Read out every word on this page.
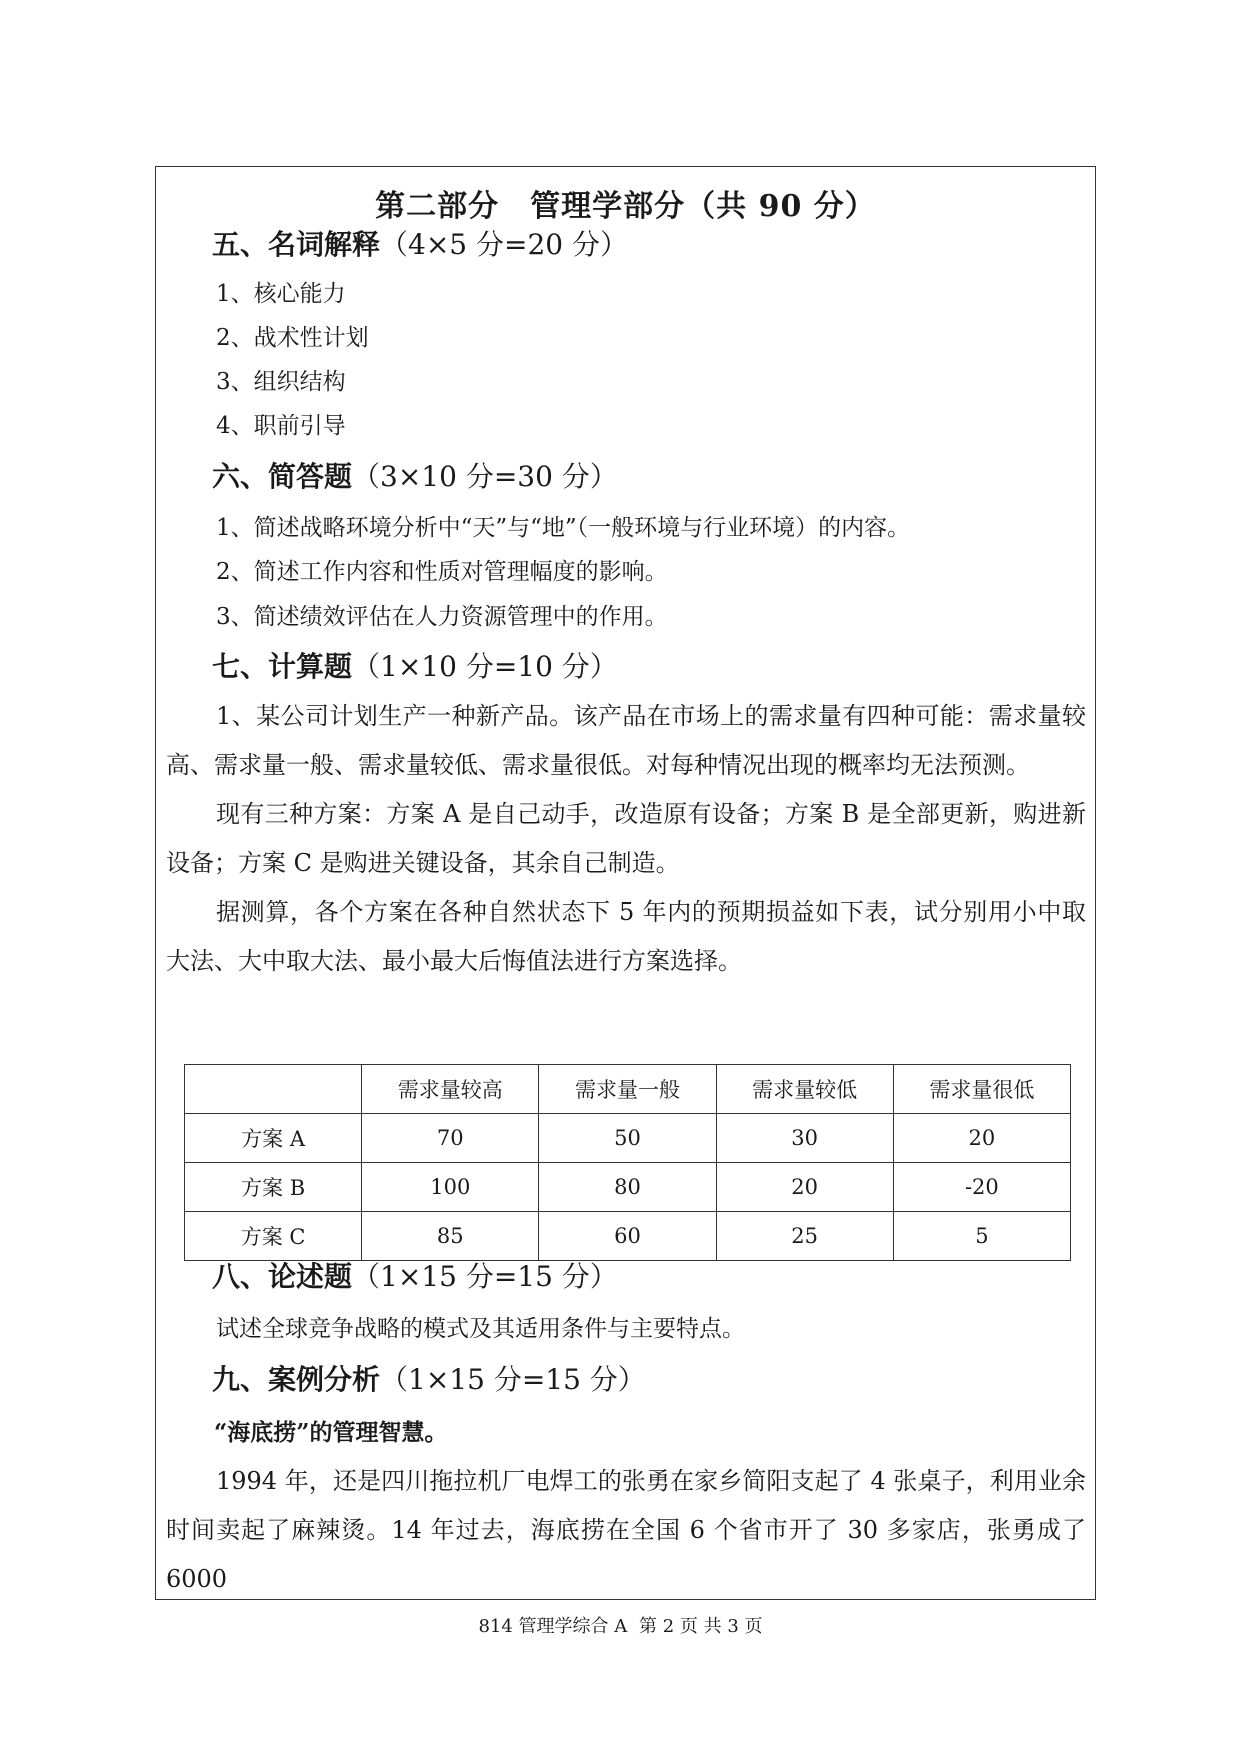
第二部分　管理学部分（共 90 分）
五、名词解释（4×5 分=20 分）
1、核心能力
2、战术性计划
3、组织结构
4、职前引导
六、简答题（3×10 分=30 分）
1、简述战略环境分析中“天”与“地”（一般环境与行业环境）的内容。
2、简述工作内容和性质对管理幅度的影响。
3、简述绩效评估在人力资源管理中的作用。
七、计算题（1×10 分=10 分）
1、某公司计划生产一种新产品。该产品在市场上的需求量有四种可能：需求量较高、需求量一般、需求量较低、需求量很低。对每种情况出现的概率均无法预测。
现有三种方案：方案 A 是自己动手，改造原有设备；方案 B 是全部更新，购进新设备；方案 C 是购进关键设备，其余自己制造。
据测算，各个方案在各种自然状态下 5 年内的预期损益如下表，试分别用小中取大法、大中取大法、最小最大后悔值法进行方案选择。
	需求量较高	需求量一般	需求量较低	需求量很低
方案 A	70	50	30	20
方案 B	100	80	20	-20
方案 C	85	60	25	5
八、论述题（1×15 分=15 分）
试述全球竞争战略的模式及其适用条件与主要特点。
九、案例分析（1×15 分=15 分）
“海底捞”的管理智慧。
1994 年，还是四川拖拉机厂电焊工的张勇在家乡简阳支起了 4 张桌子，利用业余时间卖起了麻辣烫。14 年过去，海底捞在全国 6 个省市开了 30 多家店，张勇成了 6000
814 管理学综合 A 第 2 页 共 3 页
